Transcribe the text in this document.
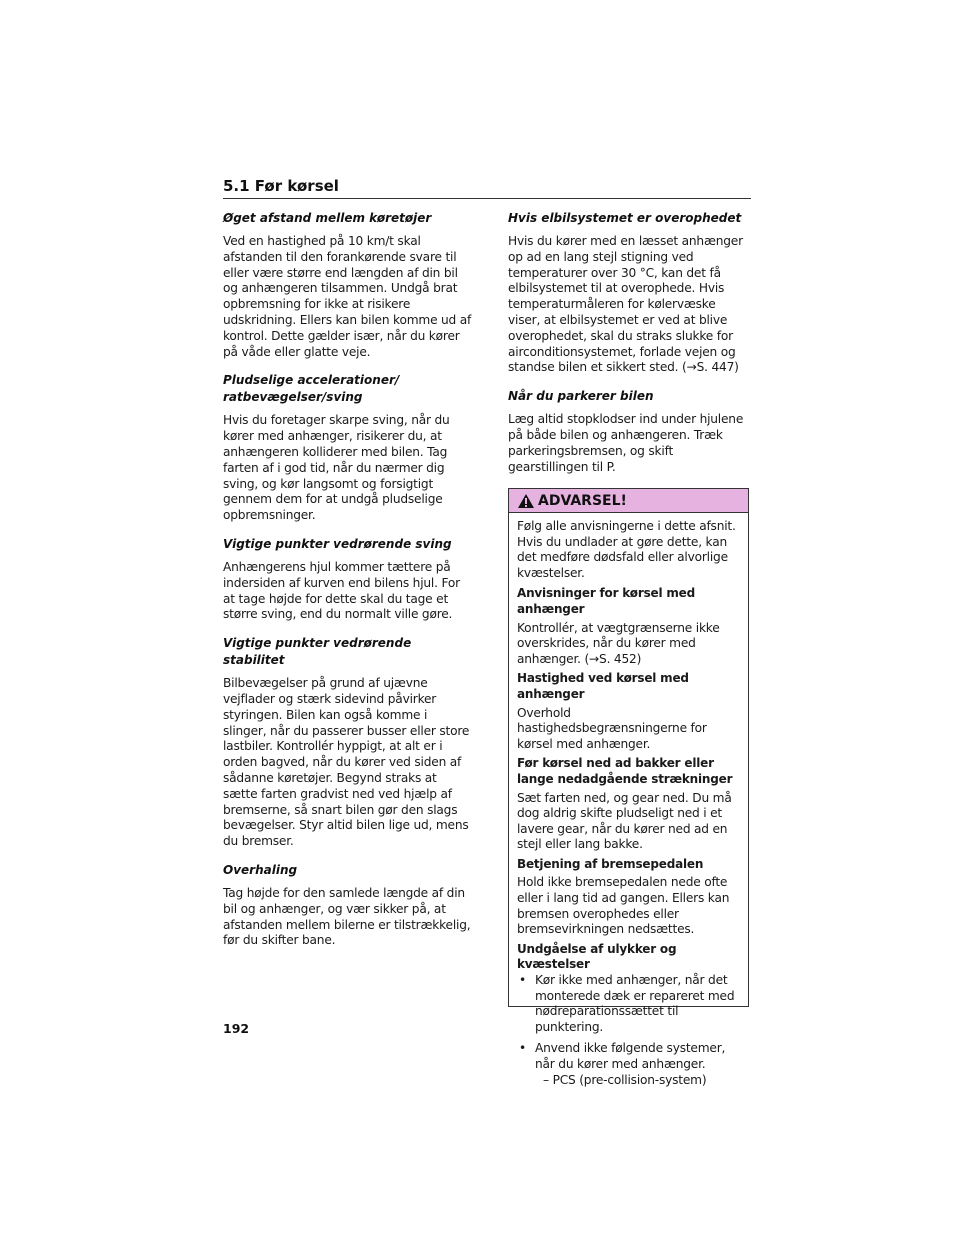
5.1 Før kørsel
Øget afstand mellem køretøjer
Ved en hastighed på 10 km/t skal afstanden til den forankørende svare til eller være større end længden af din bil og anhængeren tilsammen. Undgå brat opbremsning for ikke at risikere udskridning. Ellers kan bilen komme ud af kontrol. Dette gælder især, når du kører på våde eller glatte veje.
Pludselige accelerationer/ ratbevægelser/sving
Hvis du foretager skarpe sving, når du kører med anhænger, risikerer du, at anhængeren kolliderer med bilen. Tag farten af i god tid, når du nærmer dig sving, og kør langsomt og forsigtigt gennem dem for at undgå pludselige opbremsninger.
Vigtige punkter vedrørende sving
Anhængerens hjul kommer tættere på indersiden af kurven end bilens hjul. For at tage højde for dette skal du tage et større sving, end du normalt ville gøre.
Vigtige punkter vedrørende stabilitet
Bilbevægelser på grund af ujævne vejflader og stærk sidevind påvirker styringen. Bilen kan også komme i slinger, når du passerer busser eller store lastbiler. Kontrollér hyppigt, at alt er i orden bagved, når du kører ved siden af sådanne køretøjer. Begynd straks at sætte farten gradvist ned ved hjælp af bremserne, så snart bilen gør den slags bevægelser. Styr altid bilen lige ud, mens du bremser.
Overhaling
Tag højde for den samlede længde af din bil og anhænger, og vær sikker på, at afstanden mellem bilerne er tilstrækkelig, før du skifter bane.
Hvis elbilsystemet er overophedet
Hvis du kører med en læsset anhænger op ad en lang stejl stigning ved temperaturer over 30 °C, kan det få elbilsystemet til at overophede. Hvis temperaturmåleren for kølervæske viser, at elbilsystemet er ved at blive overophedet, skal du straks slukke for airconditionsystemet, forlade vejen og standse bilen et sikkert sted. (→S. 447)
Når du parkerer bilen
Læg altid stopklodser ind under hjulene på både bilen og anhængeren. Træk parkeringsbremsen, og skift gearstillingen til P.
ADVARSEL!
Følg alle anvisningerne i dette afsnit. Hvis du undlader at gøre dette, kan det medføre dødsfald eller alvorlige kvæstelser.
Anvisninger for kørsel med anhænger
Kontrollér, at vægtgrænserne ikke overskrides, når du kører med anhænger. (→S. 452)
Hastighed ved kørsel med anhænger
Overhold hastighedsbegrænsningerne for kørsel med anhænger.
Før kørsel ned ad bakker eller lange nedadgående strækninger
Sæt farten ned, og gear ned. Du må dog aldrig skifte pludseligt ned i et lavere gear, når du kører ned ad en stejl eller lang bakke.
Betjening af bremsepedalen
Hold ikke bremsepedalen nede ofte eller i lang tid ad gangen. Ellers kan bremsen overophedes eller bremsevirkningen nedsættes.
Undgåelse af ulykker og kvæstelser
• Kør ikke med anhænger, når det monterede dæk er repareret med nødreparationssættet til punktering.
• Anvend ikke følgende systemer, når du kører med anhænger.
– PCS (pre-collision-system)
192
